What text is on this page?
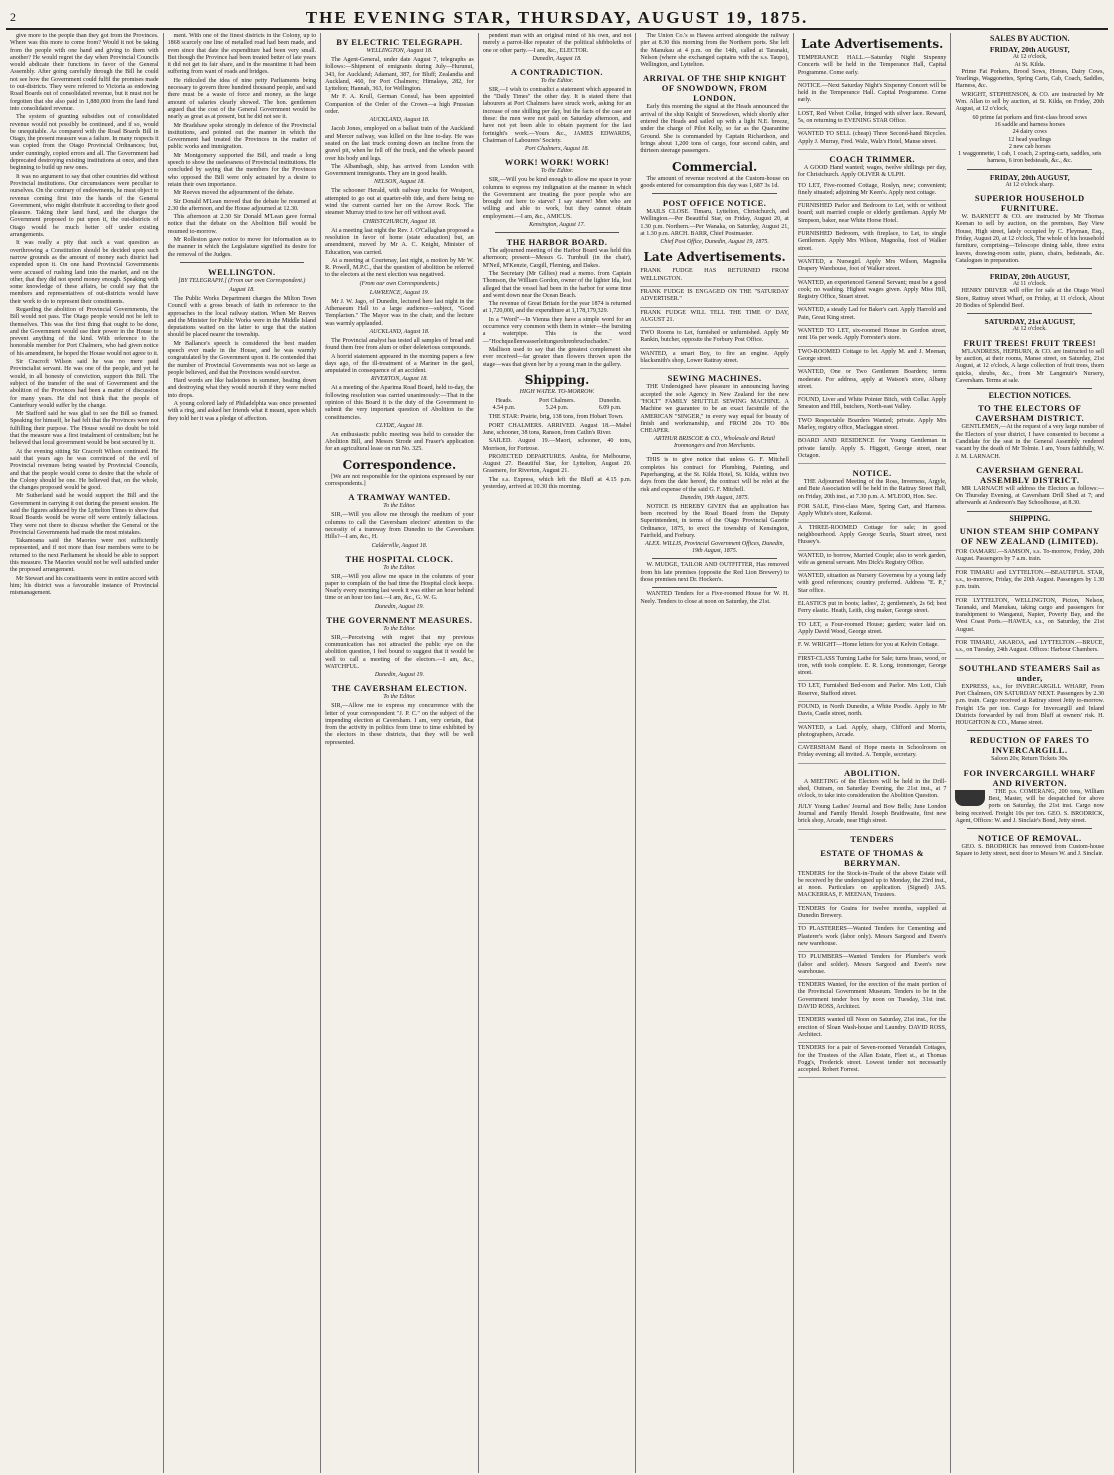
2	THE EVENING STAR, THURSDAY, AUGUST 19, 1875.

give more to the people than they got from the Provinces. Where was this more to come from? Would it not be taking from the people with one hand and giving to them with another? He would regret the day when Provincial Councils would abdicate their functions in favor of the General Assembly. After going carefully through the Bill he could not see how the Government could fulfil the promises made to out-districts. They were referred to Victoria as endowing Road Boards out of consolidated revenue, but it must not be forgotten that she also paid in 1,880,000 from the land fund into consolidated revenue.

The system of granting subsidies out of consolidated revenue would not possibly be continued, and if so, would be unequitable. As compared with the Road Boards Bill in Otago, the present measure was a failure. In many respects it was copied from the Otago Provincial Ordinances; but, under cunningly, copied errors and all. The Government had deprecated destroying existing institutions at once, and then beginning to build up new ones.

It was no argument to say that other countries did without Provincial institutions. Our circumstances were peculiar to ourselves. On the contrary of endowments, he must object to revenue coming first into the hands of the General Government, who might distribute it according to their good pleasure. Taking their land fund, and the charges the Government proposed to put upon it, the out-districts of Otago would be much better off under existing arrangements.

It was really a pity that such a vast question as overthrowing a Constitution should be decided upon such narrow grounds as the amount of money each district had expended upon it. On one hand Provincial Governments were accused of rushing land into the market, and on the other, that they did not spend money enough. Speaking with some knowledge of these affairs, he could say that the members and representatives of out-districts would have their work to do to represent their constituents.

Regarding the abolition of Provincial Governments, the Bill would not pass. The Otago people would not be left to themselves. This was the first thing that ought to be done, and the Government would use their power in the House to prevent anything of the kind. With reference to the honorable member for Port Chalmers, who had given notice of his amendment, he hoped the House would not agree to it.

Sir Cracroft Wilson said he was no mere paid Provincialist servant. He was one of the people, and yet he would, in all honesty of conviction, support this Bill. The subject of the transfer of the seat of Government and the abolition of the Provinces had been a matter of discussion for many years. He did not think that the people of Canterbury would suffer by the change.

Mr Stafford said he was glad to see the Bill so framed. Speaking for himself, he had felt that the Provinces were not fulfilling their purpose. The House would no doubt be told that the measure was a first instalment of centralism; but he believed that local government would be best secured by it.

At the evening sitting Sir Cracroft Wilson continued. He said that years ago he was convinced of the evil of Provincial revenues being wasted by Provincial Councils, and that the people would come to desire that the whole of the Colony should be one. He believed that, on the whole, the changes proposed would be good.

Mr Sutherland said he would support the Bill and the Government in carrying it out during the present session. He said the figures adduced by the Lyttelton Times to show that Road Boards would be worse off were entirely fallacious. They were not there to discuss whether the General or the Provincial Governments had made the most mistakes.

Takamoana said the Maories were not sufficiently represented, and if not more than four members were to be returned to the next Parliament he should be able to support this measure. The Maories would not be well satisfied under the proposed arrangement.

Mr Stewart and his constituents were in entire accord with him; his district was a favourable instance of Provincial mismanagement.

ment. With one of the finest districts in the Colony, up to 1868 scarcely one line of metalled road had been made, and even since that date the expenditure had been very small. But though the Province had been treated better of late years it did not get its fair share, and in the meantime it had been suffering from want of roads and bridges.

He ridiculed the idea of nine petty Parliaments being necessary to govern three hundred thousand people, and said there must be a waste of force and money, as the large amount of salaries clearly showed. The hon. gentlemen argued that the cost of the General Government would be nearly as great as at present, but he did not see it.

Mr Bradshaw spoke strongly in defence of the Provincial institutions, and pointed out the manner in which the Government had treated the Provinces in the matter of public works and immigration.

Mr Montgomery supported the Bill, and made a long speech to show the uselessness of Provincial institutions. He concluded by saying that the members for the Provinces who opposed the Bill were only actuated by a desire to retain their own importance.

Mr Reeves moved the adjournment of the debate.

Sir Donald M'Lean moved that the debate be resumed at 2.30 the afternoon, and the House adjourned at 12.30.

This afternoon at 2.30 Sir Donald M'Lean gave formal notice that the debate on the Abolition Bill would be resumed to-morrow.

Mr Rolleston gave notice to move for information as to the manner in which the Legislature signified its desire for the removal of the Judges.

WELLINGTON.
[BY TELEGRAPH.] (From our own Correspondent.)
August 18.

The Public Works Department charges the Milton Town Council with a gross breach of faith in reference to the approaches to the local railway station. When Mr Reeves and the Minister for Public Works were in the Middle Island deputations waited on the latter to urge that the station should be placed nearer the township.

Mr Ballance's speech is considered the best maiden speech ever made in the House, and he was warmly congratulated by the Government upon it. He contended that the number of Provincial Governments was not so large as people believed, and that the Provinces would survive.

Hard words are like hailstones in summer, beating down and destroying what they would nourish if they were melted into drops.

A young colored lady of Philadelphia was once presented with a ring, and asked her friends what it meant, upon which they told her it was a pledge of affection.

BY ELECTRIC TELEGRAPH.
WELLINGTON, August 18.

The Agent-General, under date August 7, telegraphs as follows:—Shipment of emigrants during July—Hurunui, 343, for Auckland; Adamant, 387, for Bluff; Zealandia and Auckland, 460, for Port Chalmers; Himalaya, 282, for Lyttelton; Hannah, 363, for Wellington.

Mr F. A. Krull, German Consul, has been appointed Companion of the Order of the Crown—a high Prussian order.

AUCKLAND, August 18.

Jacob Jones, employed on a ballast train of the Auckland and Mercer railway, was killed on the line to-day. He was seated on the last truck coming down an incline from the gravel pit, when he fell off the truck, and the wheels passed over his body and legs.

The Albambagh, ship, has arrived from London with Government immigrants. They are in good health.

NELSON, August 18.

The schooner Herald, with railway trucks for Westport, attempted to go out at quarter-ebb tide, and there being no wind the current carried her on the Arrow Rock. The steamer Murray tried to tow her off without avail.

CHRISTCHURCH, August 18.

At a meeting last night the Rev. J. O'Callaghan proposed a resolution in favor of home (state education) but, an amendment, moved by Mr A. C. Knight, Minister of Education, was carried.

At a meeting at Courtenay, last night, a motion by Mr W. R. Powell, M.P.C., that the question of abolition be referred to the electors at the next election was negatived.

(From our own Correspondents.)
LAWRENCE, August 19.

Mr J. W. Jago, of Dunedin, lectured here last night in the Athenaeum Hall to a large audience—subject, "Good Templarism." The Mayor was in the chair, and the lecture was warmly applauded.

AUCKLAND, August 18.

The Provincial analyst has tested all samples of bread and found them free from alum or other deleterious compounds.

A horrid statement appeared in the morning papers a few days ago, of the ill-treatment of a Mariner in the gaol, amputated in consequence of an accident.

RIVERTON, August 18.

At a meeting of the Aparima Road Board, held to-day, the following resolution was carried unanimously:—That in the opinion of this Board it is the duty of the Government to submit the very important question of Abolition to the constituencies.

CLYDE, August 18.

An enthusiastic public meeting was held to consider the Abolition Bill, and Messrs Strode and Fraser's application for an agricultural lease on run No. 325.

Correspondence.

[We are not responsible for the opinions expressed by our correspondents.]

A TRAMWAY WANTED.
To the Editor.

SIR,—Will you allow me through the medium of your columns to call the Caversham electors' attention to the necessity of a tramway from Dunedin to the Caversham Hills?—I am, &c., H.

Calderville, August 18.
THE HOSPITAL CLOCK.
To the Editor.

SIR,—Will you allow me space in the columns of your paper to complain of the bad time the Hospital clock keeps. Nearly every morning last week it was either an hour behind time or an hour too fast.—I am, &c., G. W. G.

Dunedin, August 19.
THE GOVERNMENT MEASURES.
To the Editor.

SIR,—Perceiving with regret that my previous communication has not attracted the public eye on the abolition question, I feel bound to suggest that it would be well to call a meeting of the electors.—I am, &c., WATCHFUL.

Dunedin, August 19.
THE CAVERSHAM ELECTION.
To the Editor.

SIR,—Allow me to express my concurrence with the letter of your correspondent "J. P. C." on the subject of the impending election at Caversham. I am, very certain, that from the activity in politics from time to time exhibited by the electors in these districts, that they will be well represented.

pendent man with an original mind of his own, and not merely a parrot-like repeater of the political shibboleths of one or other party.—I am, &c., ELECTOR.

Dunedin, August 18.
A CONTRADICTION.
To the Editor.

SIR,—I wish to contradict a statement which appeared in the "Daily Times" the other day. It is stated there that labourers at Port Chalmers have struck work, asking for an increase of one shilling per day, but the facts of the case are these: the men were not paid on Saturday afternoon, and have not yet been able to obtain payment for the last fortnight's work.—Yours &c., JAMES EDWARDS, Chairman of Labourers' Society.

Port Chalmers, August 18.
WORK! WORK! WORK!
To the Editor.

SIR,—Will you be kind enough to allow me space in your columns to express my indignation at the manner in which the Government are treating the poor people who are brought out here to starve? I say starve! Men who are willing and able to work, but they cannot obtain employment.—I am, &c., AMICUS.

Kensington, August 17.
THE HARBOR BOARD.

The adjourned meeting of the Harbor Board was held this afternoon; present—Messrs G. Turnbull (in the chair), M'Neil, M'Kenzie, Cargill, Fleming, and Dakes.

The Secretary (Mr Gillies) read a memo. from Captain Thomson, the William Gordon, owner of the lighter Ida, lost alleged that the vessel had been in the harbor for some time and went down near the Ocean Beach.

The revenue of Great Britain for the year 1874 is returned at 1,720,000, and the expenditure at 1,178,179,329.

In a "Word"—In Vienna they have a simple word for an occurrence very common with them in winter—the bursting a waterpipe. This is the word—"Hochquellenwasserleitungsrohrenbruchschaden."

Mallison used to say that the greatest complement she ever received—far greater than flowers thrown upon the stage—was that given her by a young man in the gallery.

Shipping.
HIGH WATER. TO-MORROW.
Heads.	Port Chalmers.	Dunedin.
4.54 p.m.	5.24 p.m.	6.09 p.m.

THE STAR: Prairie, brig, 138 tons, from Hobart Town.

PORT CHALMERS. ARRIVED. August 18.—Mabel Jane, schooner, 38 tons, Ranson, from Catlin's River.

SAILED. August 19.—Maori, schooner, 40 tons, Morrison, for Fortrose.

PROJECTED DEPARTURES. Arabia, for Melbourne, August 27. Beautiful Star, for Lyttelton, August 20. Grasmere, for Riverton, August 21.

The s.s. Express, which left the Bluff at 4.15 p.m. yesterday, arrived at 10.30 this morning.

The Union Co.'s ss Hawea arrived alongside the railway pier at 8.30 this morning from the Northern ports. She left the Manukau at 4 p.m. on the 14th, called at Taranaki, Nelson (where she exchanged captains with the s.s. Taupo), Wellington, and Lyttelton.

ARRIVAL OF THE SHIP KNIGHT OF SNOWDOWN, FROM LONDON.

Early this morning the signal at the Heads announced the arrival of the ship Knight of Snowdown, which shortly after entered the Heads and sailed up with a light N.E. breeze, under the charge of Pilot Kelly, so far as the Quarantine Ground. She is commanded by Captain Richardson, and brings about 1,200 tons of cargo, four second cabin, and thirteen steerage passengers.

Commercial.

The amount of revenue received at the Custom-house on goods entered for consumption this day was 1,687 3s 1d.

POST OFFICE NOTICE.

MAILS CLOSE. Timaru, Lyttelton, Christchurch, and Wellington.—Per Beautiful Star, on Friday, August 20, at 1.30 p.m. Northern.—Per Wanaka, on Saturday, August 21, at 1.30 p.m. ARCH. BARR, Chief Postmaster.

Chief Post Office, Dunedin, August 19, 1875.
Late Advertisements.

FRANK FUDGE HAS RETURNED FROM WELLINGTON.

FRANK FUDGE IS ENGAGED ON THE "SATURDAY ADVERTISER."

FRANK FUDGE WILL TELL THE TIME O' DAY, AUGUST 21.

TWO Rooms to Let, furnished or unfurnished. Apply Mr Rankin, butcher, opposite the Forbury Post Office.

WANTED, a smart Boy, to fire an engine. Apply blacksmith's shop, Lower Rattray street.

SEWING MACHINES.

THE Undersigned have pleasure in announcing having accepted the sole Agency in New Zealand for the new "HOLT" FAMILY SHUTTLE SEWING MACHINE. A Machine we guarantee to be an exact facsimile of the AMERICAN "SINGER," in every way equal for beauty of finish and workmanship, and FROM 20s TO 80s CHEAPER.

ARTHUR BRISCOE & CO., Wholesale and Retail Ironmongers and Iron Merchants.

THIS is to give notice that unless G. F. Mitchell completes his contract for Plumbing, Painting, and Paperhanging, at the St. Kilda Hotel, St. Kilda, within two days from the date hereof, the contract will be relet at the risk and expense of the said G. F. Mitchell.

Dunedin, 19th August, 1875.

NOTICE IS HEREBY GIVEN that an application has been received by the Road Board from the Deputy Superintendent, in terms of the Otago Provincial Gazette Ordinance, 1875, to erect the township of Kensington, Fairfield, and Forbury.

ALEX. WILLIS, Provincial Government Offices, Dunedin, 19th August, 1875.

W. MUDGE, TAILOR AND OUTFITTER, Has removed from his late premises (opposite the Red Lion Brewery) to those premises next Dr. Hocken's.

WANTED Tenders for a Five-roomed House for W. H. Neely. Tenders to close at noon on Saturday, the 21st.

Late Advertisements.

TEMPERANCE HALL.—Saturday Night Sixpenny Concerts will be held in the Temperance Hall, Capital Programme. Come early.

NOTICE.—Next Saturday Night's Sixpenny Concert will be held in the Temperance Hall. Capital Programme. Come early.

LOST, Red Velvet Collar, fringed with silver lace. Reward, 5s, on returning to EVENING STAR Office.

WANTED TO SELL (cheap) Three Second-hand Bicycles. Apply J. Murray, Fred. Walz, Walz's Hotel, Manse street.

COACH TRIMMER.

A GOOD Hand wanted; wages, twelve shillings per day, for Christchurch. Apply OLIVER & ULPH.

TO LET, Five-roomed Cottage, Roslyn, new; convenient; finely situated; adjoining Mr Keen's. Apply next cottage.

FURNISHED Parlor and Bedroom to Let, with or without board; suit married couple or elderly gentleman. Apply Mr Simpson, baker, near White Horse Hotel.

FURNISHED Bedroom, with fireplace, to Let, to single Gentlemen. Apply Mrs Wilson, Magnolia, foot of Walker street.

WANTED, a Nursegirl. Apply Mrs Wilson, Magnolia Drapery Warehouse, foot of Walker street.

WANTED, an experienced General Servant; must be a good cook; no washing. Highest wages given. Apply Miss Hill, Registry Office, Stuart street.

WANTED, a steady Lad for Baker's cart. Apply Harrold and Pain, Great King street.

WANTED TO LET, six-roomed House in Gordon street, rent 16s per week. Apply Forrester's store.

TWO-ROOMED Cottage to let. Apply M. and J. Meenan, George street.

WANTED, One or Two Gentlemen Boarders; terms moderate. For address, apply at Watson's store, Albany street.

FOUND, Liver and White Pointer Bitch, with Collar. Apply Smeaton and Hill, butchers, North-east Valley.

TWO Respectable Boarders Wanted; private. Apply Mrs Marley, registry office, Maclaggan street.

BOARD AND RESIDENCE for Young Gentleman in private family. Apply S. Higgott, George street, near Octagon.

NOTICE.

THE Adjourned Meeting of the Ross, Inverness, Argyle, and Bute Association will be held in the Rattray Street Hall, on Friday, 20th inst., at 7.30 p.m. A. M'LEOD, Hon. Sec.

FOR SALE, First-class Mare, Spring Cart, and Harness. Apply White's store, Kaikorai.

A THREE-ROOMED Cottage for sale; in good neighbourhood. Apply George Scurla, Stuart street, next Hussey's.

WANTED, to borrow, Married Couple; also to work garden, wife as general servant. Mrs Dick's Registry Office.

WANTED, situation as Nursery Governess by a young lady with good references; country preferred. Address "E. P.," Star office.

ELASTICS put in boots; ladies', 2; gentlemen's, 2s 6d; best Ferry elastic. Heath, Leith, clog maker, George street.

TO LET, a Four-roomed House; garden; water laid on. Apply David Wood, George street.

F. W. WRIGHT—Home letters for you at Kelvin Cottage.

FIRST-CLASS Turning Lathe for Sale; turns brass, wood, or iron, with tools complete. E. R. Long, ironmonger, George street.

TO LET, Furnished Bed-room and Parlor. Mrs Lott, Club Reserve, Stafford street.

FOUND, in North Dunedin, a White Poodle. Apply to Mr Davis, Castle street, north.

WANTED, a Lad. Apply, sharp, Clifford and Morris, photographers, Arcade.

CAVERSHAM Band of Hope meets in Schoolroom on Friday evening; all invited. A. Temple, secretary.

ABOLITION.

A MEETING of the Electors will be held in the Drill-shed, Outram, on Saturday Evening, the 21st inst., at 7 o'clock, to take into consideration the Abolition Question.

JULY Young Ladies' Journal and Bow Bells; June London Journal and Family Herald. Joseph Braithwaite, first new brick shop, Arcade, near High street.

TENDERS
ESTATE OF THOMAS & BERRYMAN.

TENDERS for the Stock-in-Trade of the above Estate will be received by the undersigned up to Monday, the 23rd inst., at noon. Particulars on application. (Signed) JAS. MACKERRAS, F. MEENAN, Trustees.

TENDERS for Grains for twelve months, supplied at Dunedin Brewery.

TO PLASTERERS—Wanted Tenders for Cementing and Plasterer's work (labor only). Messrs Sargood and Ewen's new warehouse.

TO PLUMBERS—Wanted Tenders for Plumber's work (labor and solder). Messrs Sargood and Ewen's new warehouse.

TENDERS Wanted, for the erection of the main portion of the Provincial Government Museum. Tenders to be in the Government tender box by noon on Tuesday, 31st inst. DAVID ROSS, Architect.

TENDERS wanted till Noon on Saturday, 21st inst., for the erection of Sloan Wash-house and Laundry. DAVID ROSS, Architect.

TENDERS for a pair of Seven-roomed Verandah Cottages, for the Trustees of the Allan Estate, Fleet st., at Thomas Fogg's, Frederick street. Lowest tender not necessarily accepted. Robert Forrest.

SALES BY AUCTION.
FRIDAY, 20th AUGUST,
At 12 o'clock,
At St. Kilda.

Prime Fat Porkers, Brood Sows, Horses, Dairy Cows, Yearlings, Waggonettes, Spring Carts, Cab, Coach, Saddles, Harness, &c.

WRIGHT, STEPHENSON, & CO. are instructed by Mr Wm. Allan to sell by auction, at St. Kilda, on Friday, 20th August, at 12 o'clock,

60 prime fat porkers and first-class brood sows
16 saddle and harness horses
24 dairy cows
12 head yearlings
2 new cab horses
1 waggonnette, 1 cab, 1 coach, 2 spring-carts, saddles, sets harness, 6 iron bedsteads, &c., &c.
FRIDAY, 20th AUGUST,
At 12 o'clock sharp.
SUPERIOR HOUSEHOLD FURNITURE.

W. BARNETT & CO. are instructed by Mr Thomas Keenan to sell by auction, on the premises, Bay View House, High street, lately occupied by C. Fleyman, Esq., Friday, August 20, at 12 o'clock, The whole of his household furniture, comprising—Telescope dining table, three extra leaves, drawing-room suite, piano, chairs, bedsteads, &c. Catalogues in preparation.

FRIDAY, 20th AUGUST,
At 11 o'clock.

HENRY DRIVER will offer for sale at the Otago Wool Store, Rattray street Wharf, on Friday, at 11 o'clock, About 20 Bodies of Splendid Beef.

SATURDAY, 21st AUGUST,
At 12 o'clock.
FRUIT TREES! FRUIT TREES!

M'LANDRESS, HEPBURN, & CO. are instructed to sell by auction, at their rooms, Manse street, on Saturday, 21st August, at 12 o'clock, A large collection of fruit trees, thorn quicks, shrubs, &c., from Mr Langmuir's Nursery, Caversham. Terms at sale.

ELECTION NOTICES.
TO THE ELECTORS OF CAVERSHAM DISTRICT.

GENTLEMEN,—At the request of a very large number of the Electors of your district, I have consented to become a Candidate for the seat in the General Assembly rendered vacant by the death of Mr Tolmie. I am, Yours faithfully, W. J. M. LARNACH.

CAVERSHAM GENERAL ASSEMBLY DISTRICT.

MR LARNACH will address the Electors as follows:—On Thursday Evening, at Caversham Drill Shed at 7; and afterwards at Anderson's Bay Schoolhouse, at 8.30.

SHIPPING.
UNION STEAM SHIP COMPANY OF NEW ZEALAND (LIMITED).

FOR OAMARU.—SAMSON, s.s. To-morrow, Friday, 20th August. Passengers by 7 a.m. train.

FOR TIMARU and LYTTELTON.—BEAUTIFUL STAR, s.s., to-morrow, Friday, the 20th August. Passengers by 1.30 p.m. train.

FOR LYTTELTON, WELLINGTON, Picton, Nelson, Taranaki, and Manukau, taking cargo and passengers for transhipment to Wanganui, Napier, Poverty Bay, and the West Coast Ports.—HAWEA, s.s., on Saturday, the 21st August.

FOR TIMARU, AKAROA, and LYTTELTON.—BRUCE, s.s., on Tuesday, 24th August. Offices: Harbour Chambers.

SOUTHLAND STEAMERS Sail as under,

EXPRESS, s.s., for INVERCARGILL WHARF, From Port Chalmers, ON SATURDAY NEXT. Passengers by 2.30 p.m. train. Cargo received at Rattray street Jetty to-morrow. Freight 15s per ton. Cargo for Invercargill and Inland Districts forwarded by rail from Bluff at owners' risk. H. HOUGHTON & CO., Manse street.

REDUCTION OF FARES TO INVERCARGILL.
Saloon 20s; Return Tickets 30s.
FOR INVERCARGILL WHARF AND RIVERTON.

THE p.s. COMERANG, 200 tons, William Best, Master, will be despatched for above ports on Saturday, the 21st inst. Cargo now being received. Freight 10s per ton. GEO. S. BRODRICK, Agent, Offices: W. and J. Sinclair's Bond, Jetty street.

NOTICE OF REMOVAL.

GEO. S. BRODRICK has removed from Custom-house Square to Jetty street, next door to Messrs W. and J. Sinclair.
